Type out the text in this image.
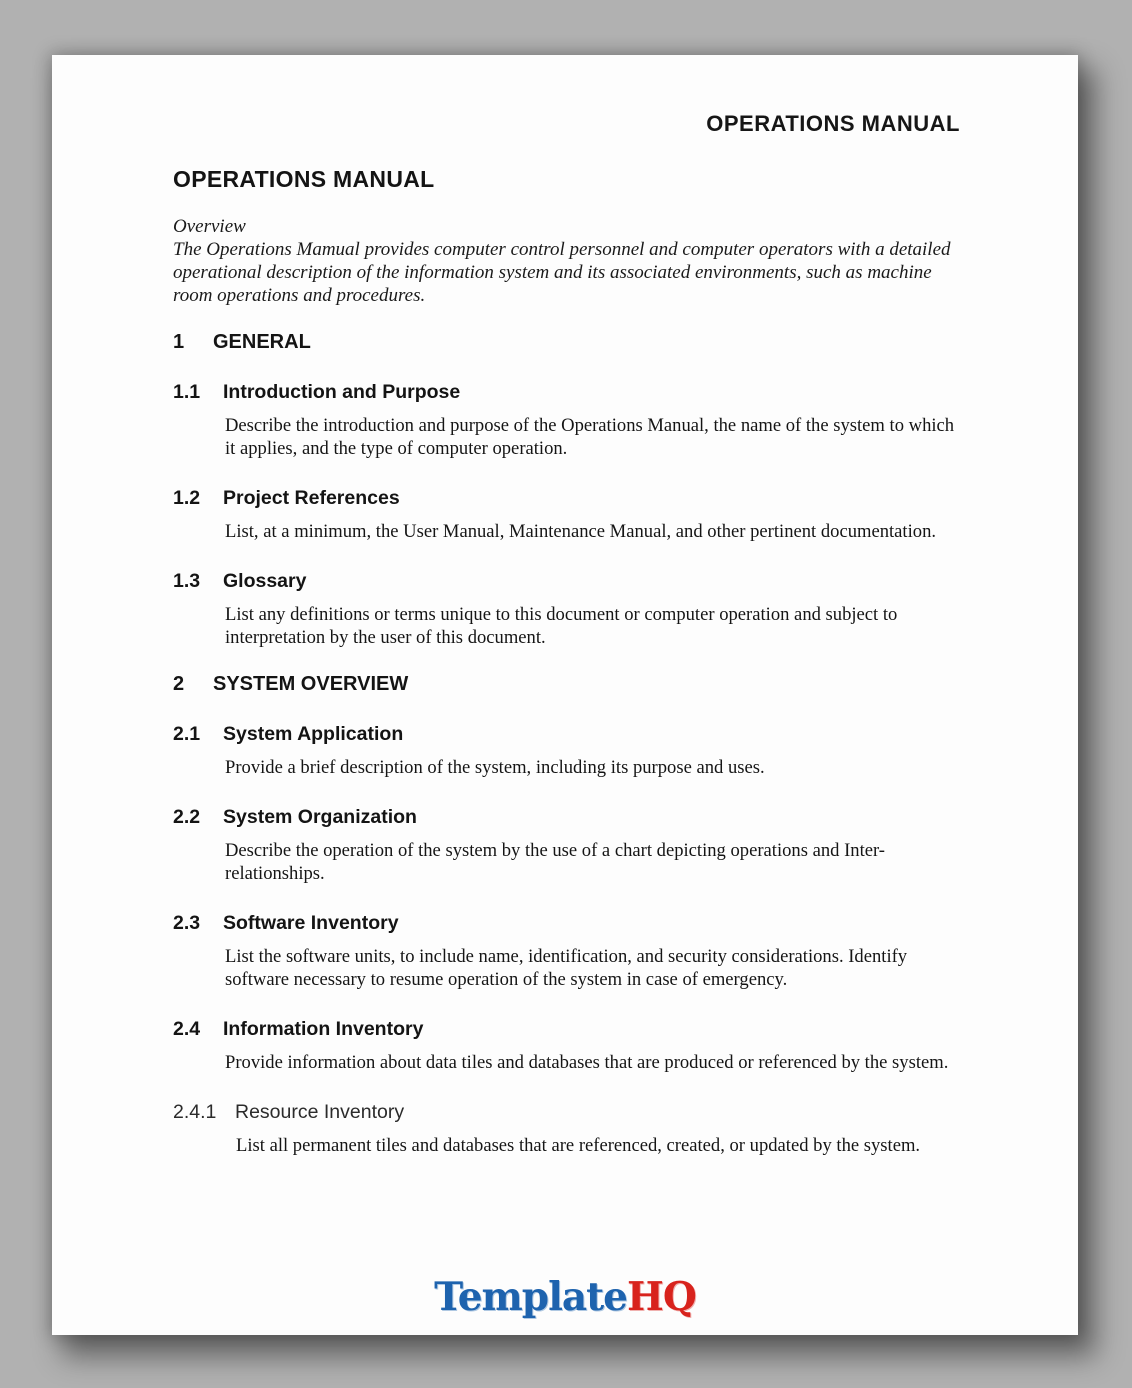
OPERATIONS MANUAL
OPERATIONS MANUAL
Overview

The Operations Mamual provides computer control personnel and computer operators with a detailed operational description of the information system and its associated environments, such as machine room operations and procedures.

1	GENERAL
1.1	Introduction and Purpose

Describe the introduction and purpose of the Operations Manual, the name of the system to which it applies, and the type of computer operation.

1.2	Project References

List, at a minimum, the User Manual, Maintenance Manual, and other pertinent documentation.

1.3	Glossary

List any definitions or terms unique to this document or computer operation and subject to interpretation by the user of this document.

2	SYSTEM OVERVIEW
2.1	System Application

Provide a brief description of the system, including its purpose and uses.

2.2	System Organization

Describe the operation of the system by the use of a chart depicting operations and Inter-relationships.

2.3	Software Inventory

List the software units, to include name, identification, and security considerations. Identify software necessary to resume operation of the system in case of emergency.

2.4	Information Inventory

Provide information about data tiles and databases that are produced or referenced by the system.

2.4.1 Resource Inventory

List all permanent tiles and databases that are referenced, created, or updated by the system.

TemplateHQ
